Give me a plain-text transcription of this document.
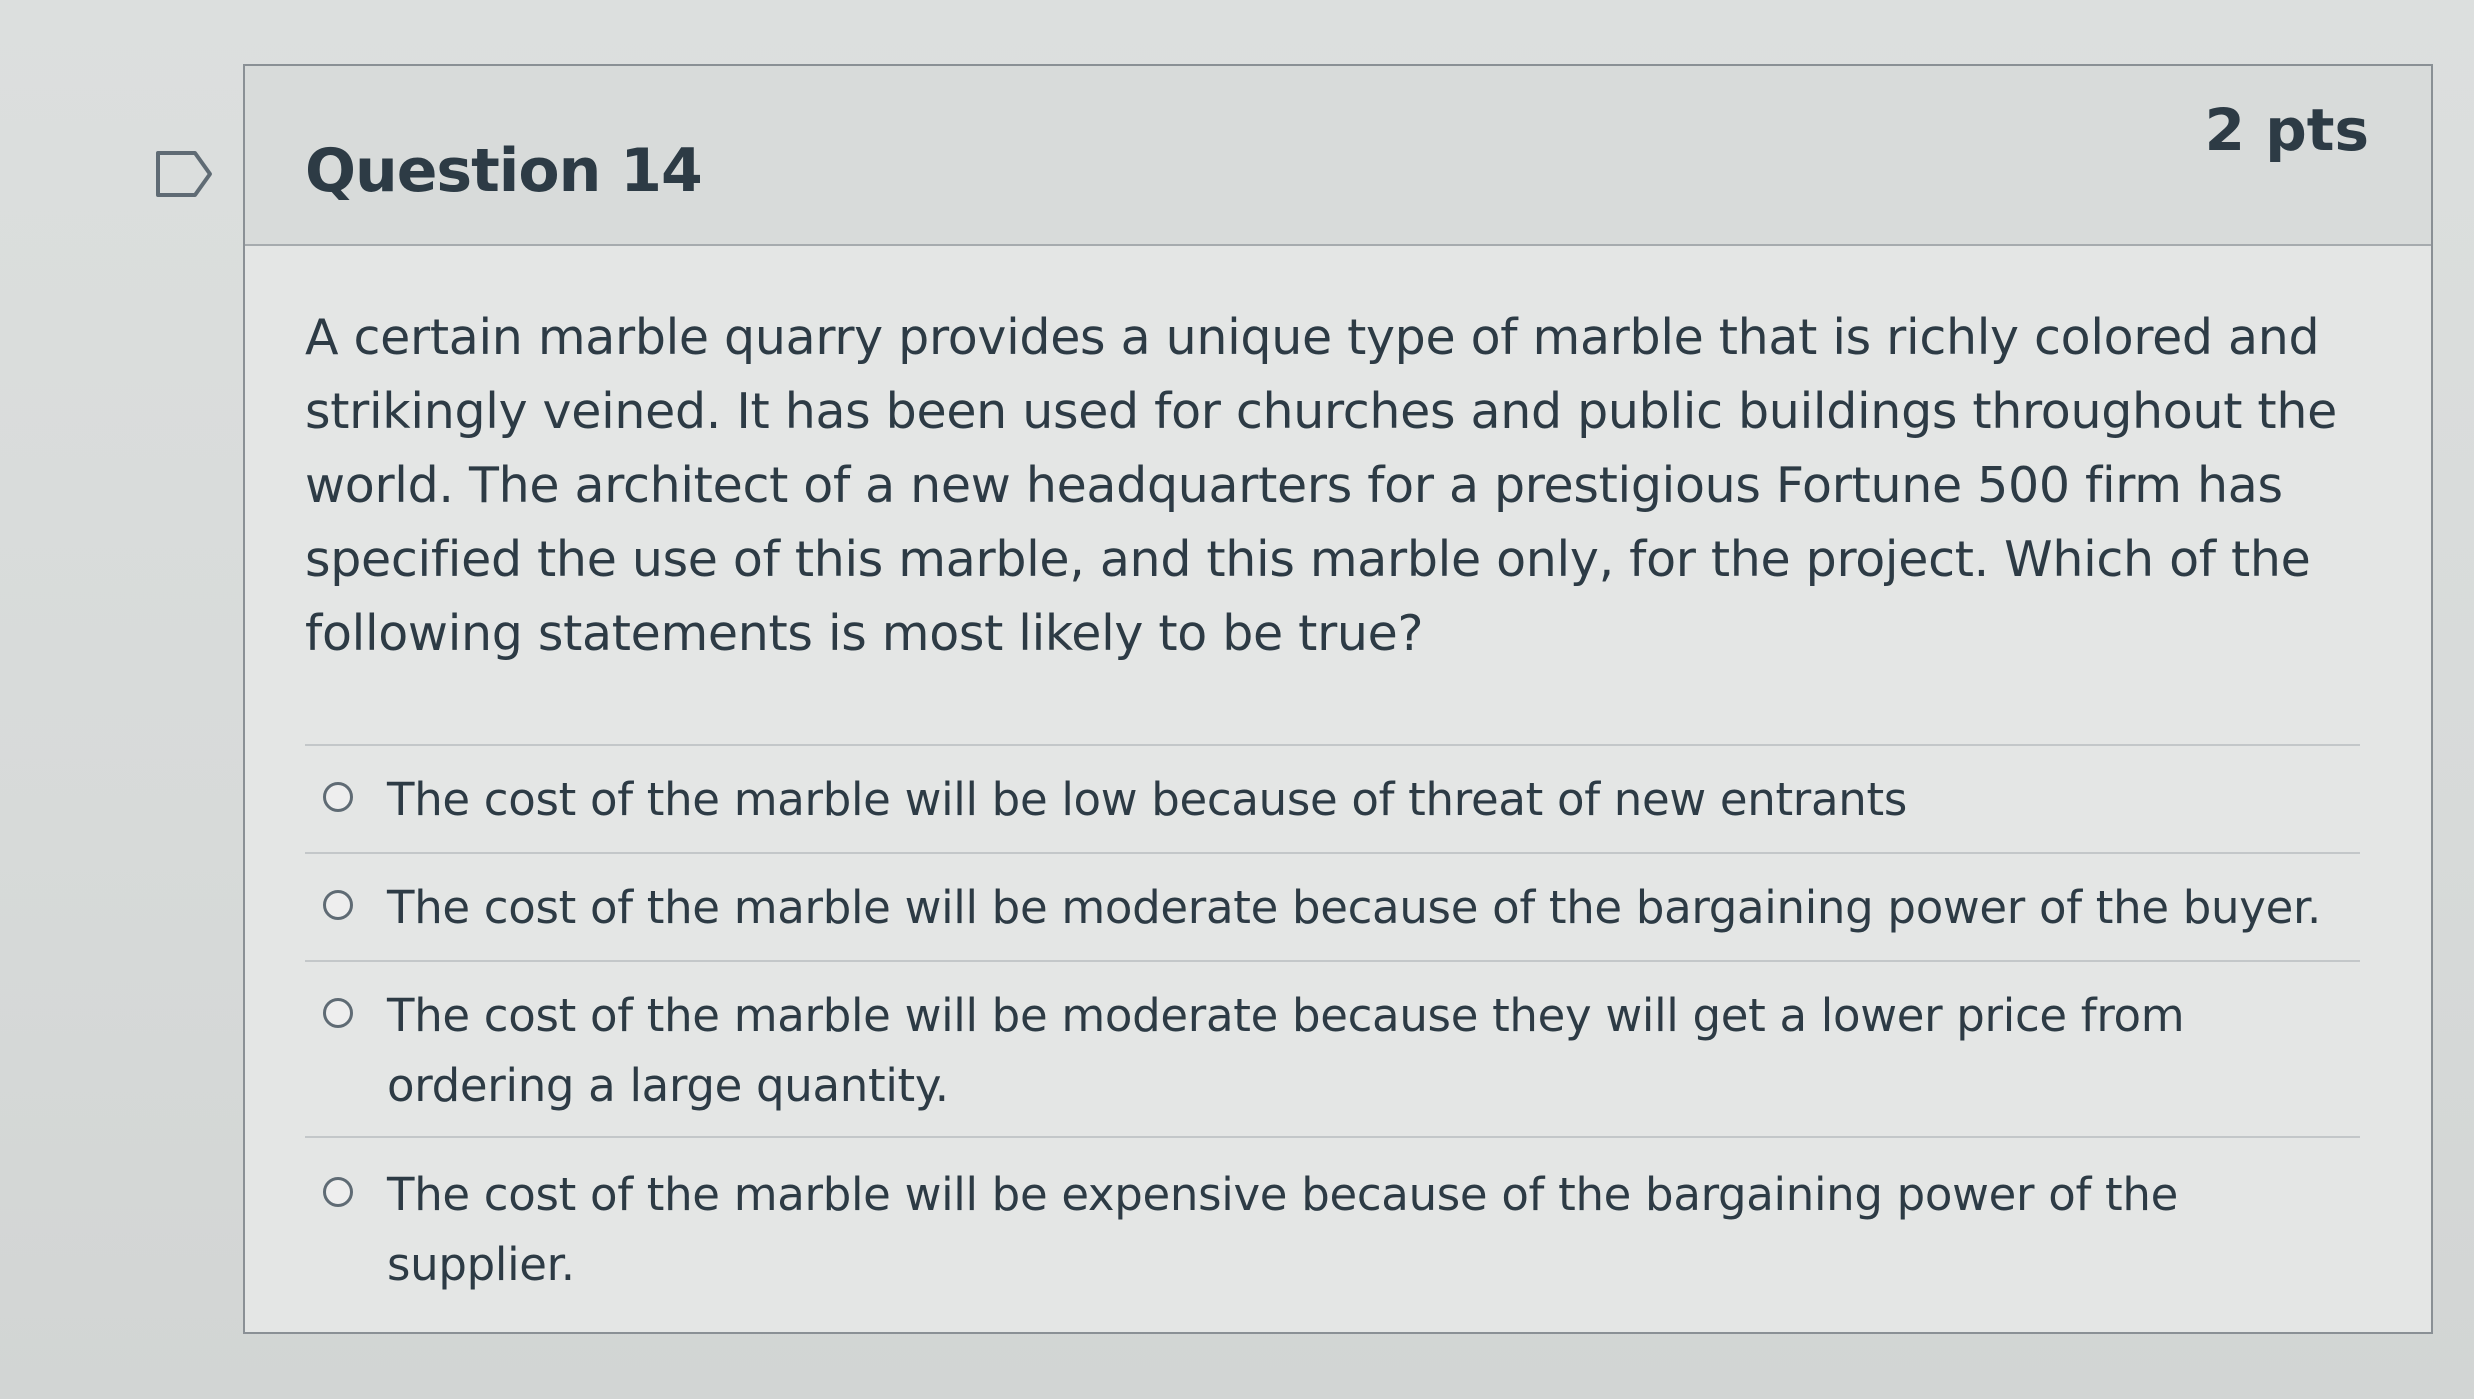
Question 14
2 pts
A certain marble quarry provides a unique type of marble that is richly colored and strikingly veined. It has been used for churches and public buildings throughout the world. The architect of a new headquarters for a prestigious Fortune 500 firm has specified the use of this marble, and this marble only, for the project. Which of the following statements is most likely to be true?
The cost of the marble will be low because of threat of new entrants
The cost of the marble will be moderate because of the bargaining power of the buyer.
The cost of the marble will be moderate because they will get a lower price from ordering a large quantity.
The cost of the marble will be expensive because of the bargaining power of the supplier.
